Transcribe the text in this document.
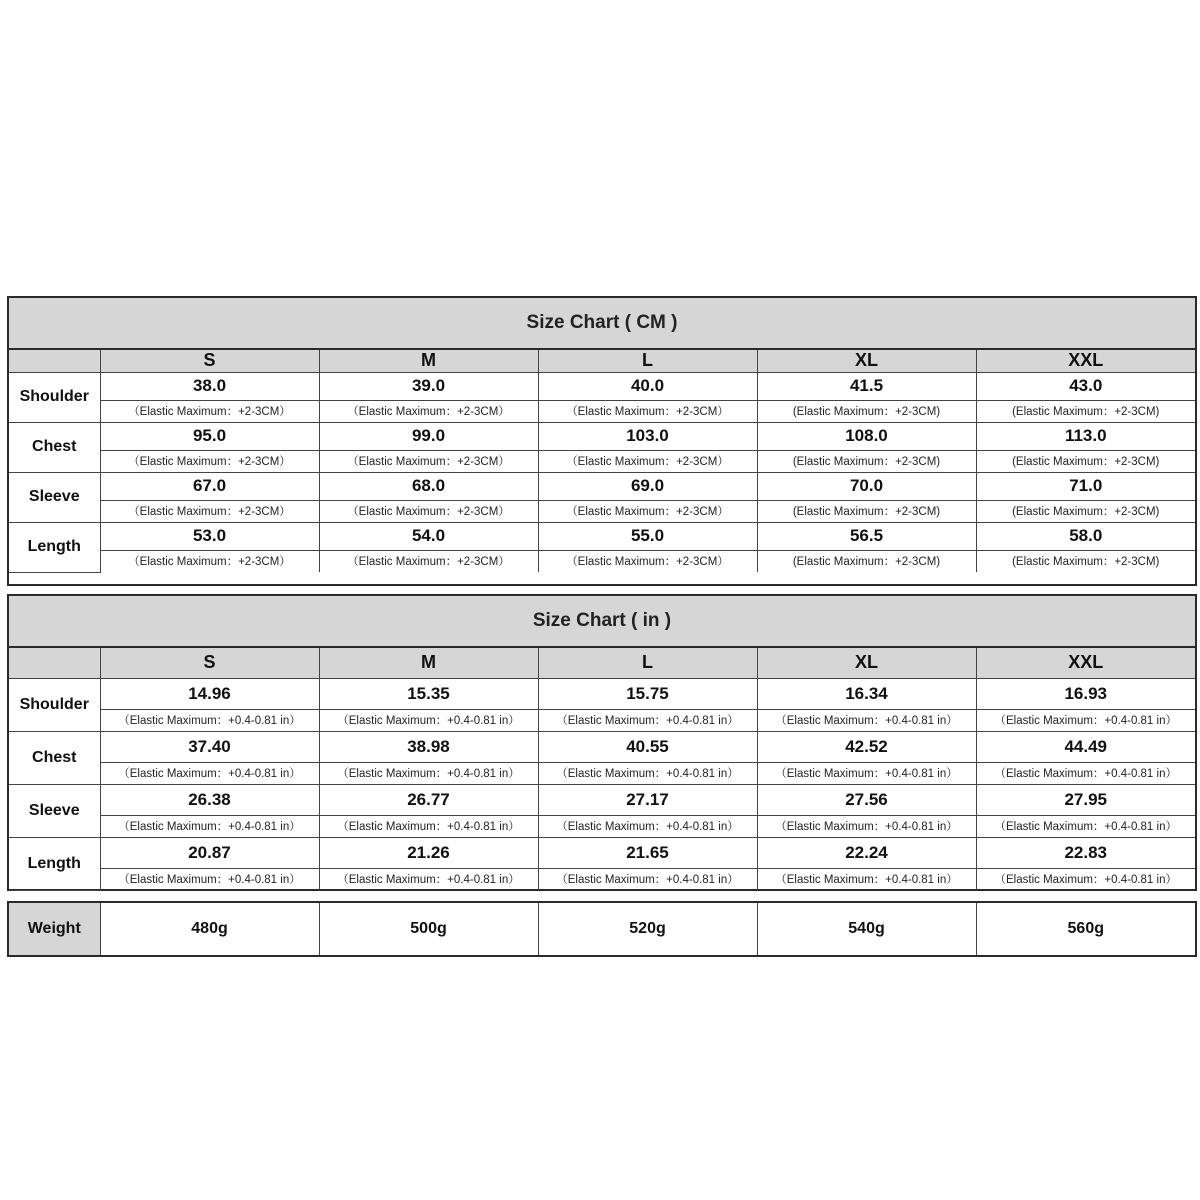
Size Chart ( CM )
	S	M	L	XL	XXL
Shoulder	38.0	39.0	40.0	41.5	43.0
	（Elastic Maximum：+2-3CM）	（Elastic Maximum：+2-3CM）	（Elastic Maximum：+2-3CM）	(Elastic Maximum：+2-3CM)	(Elastic Maximum：+2-3CM)
Chest	95.0	99.0	103.0	108.0	113.0
	（Elastic Maximum：+2-3CM）	（Elastic Maximum：+2-3CM）	（Elastic Maximum：+2-3CM）	(Elastic Maximum：+2-3CM)	(Elastic Maximum：+2-3CM)
Sleeve	67.0	68.0	69.0	70.0	71.0
	（Elastic Maximum：+2-3CM）	（Elastic Maximum：+2-3CM）	（Elastic Maximum：+2-3CM）	(Elastic Maximum：+2-3CM)	(Elastic Maximum：+2-3CM)
Length	53.0	54.0	55.0	56.5	58.0
	（Elastic Maximum：+2-3CM）	（Elastic Maximum：+2-3CM）	（Elastic Maximum：+2-3CM）	(Elastic Maximum：+2-3CM)	(Elastic Maximum：+2-3CM)
Size Chart ( in )
	S	M	L	XL	XXL
Shoulder	14.96	15.35	15.75	16.34	16.93
	（Elastic Maximum：+0.4-0.81 in）	（Elastic Maximum：+0.4-0.81 in）	（Elastic Maximum：+0.4-0.81 in）	（Elastic Maximum：+0.4-0.81 in）	（Elastic Maximum：+0.4-0.81 in）
Chest	37.40	38.98	40.55	42.52	44.49
	（Elastic Maximum：+0.4-0.81 in）	（Elastic Maximum：+0.4-0.81 in）	（Elastic Maximum：+0.4-0.81 in）	（Elastic Maximum：+0.4-0.81 in）	（Elastic Maximum：+0.4-0.81 in）
Sleeve	26.38	26.77	27.17	27.56	27.95
	（Elastic Maximum：+0.4-0.81 in）	（Elastic Maximum：+0.4-0.81 in）	（Elastic Maximum：+0.4-0.81 in）	（Elastic Maximum：+0.4-0.81 in）	（Elastic Maximum：+0.4-0.81 in）
Length	20.87	21.26	21.65	22.24	22.83
	（Elastic Maximum：+0.4-0.81 in）	（Elastic Maximum：+0.4-0.81 in）	（Elastic Maximum：+0.4-0.81 in）	（Elastic Maximum：+0.4-0.81 in）	（Elastic Maximum：+0.4-0.81 in）
Weight	480g	500g	520g	540g	560g
